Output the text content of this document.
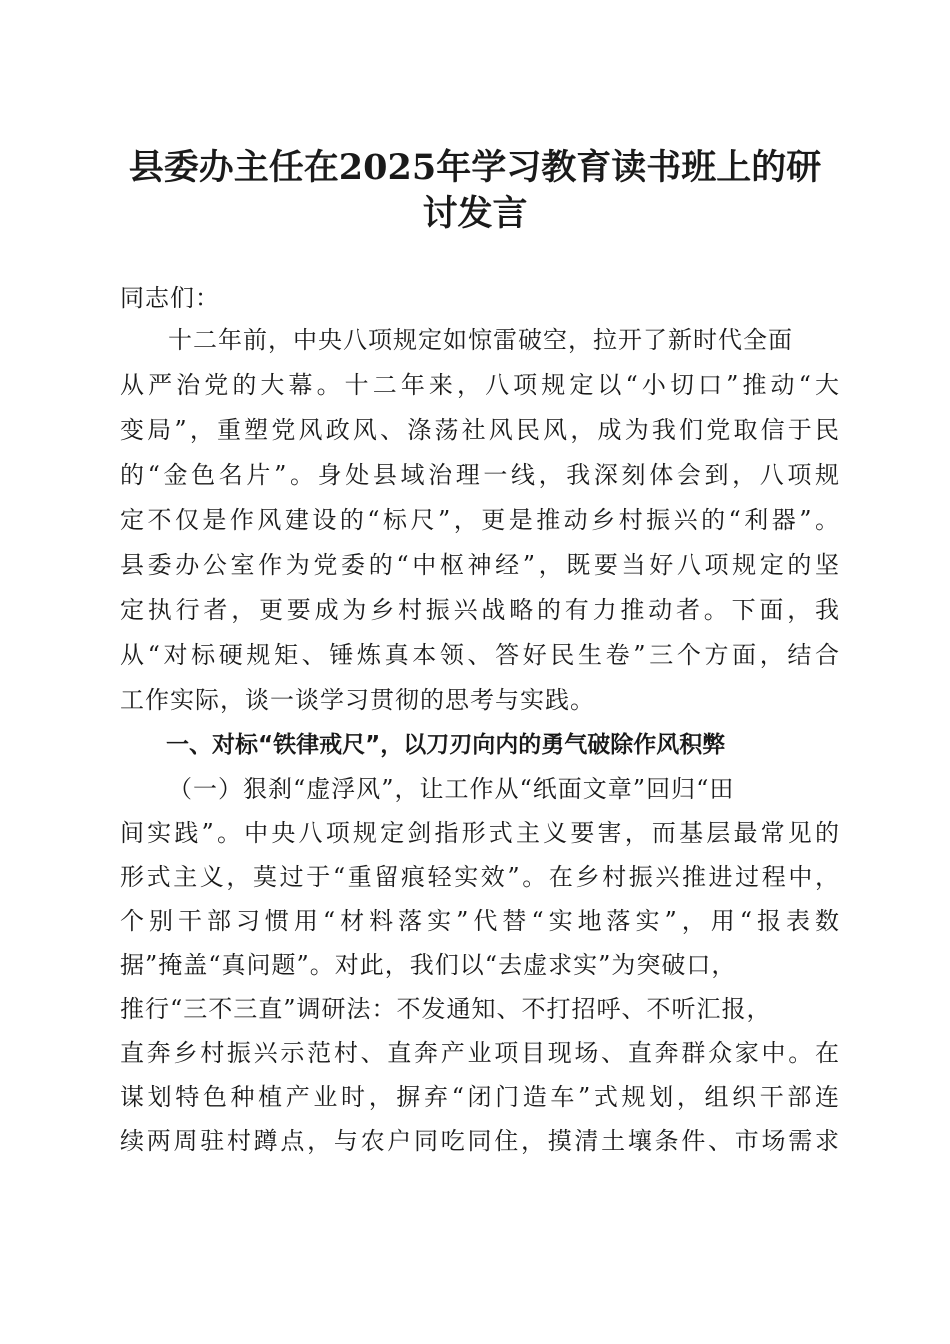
县委办主任在2025年学习教育读书班上的研
讨发言

同志们：

十二年前，中央八项规定如惊雷破空，拉开了新时代全面

从严治党的大幕。十二年来，八项规定以“小切口”推动“大

变局”，重塑党风政风、涤荡社风民风，成为我们党取信于民

的“金色名片”。身处县域治理一线，我深刻体会到，八项规

定不仅是作风建设的“标尺”，更是推动乡村振兴的“利器”。

县委办公室作为党委的“中枢神经”，既要当好八项规定的坚

定执行者，更要成为乡村振兴战略的有力推动者。下面，我

从“对标硬规矩、锤炼真本领、答好民生卷”三个方面，结合

工作实际，谈一谈学习贯彻的思考与实践。

一、对标“铁律戒尺”，以刀刃向内的勇气破除作风积弊

（一）狠刹“虚浮风”，让工作从“纸面文章”回归“田

间实践”。中央八项规定剑指形式主义要害，而基层最常见的

形式主义，莫过于“重留痕轻实效”。在乡村振兴推进过程中，

个别干部习惯用“材料落实”代替“实地落实”，用“报表数

据”掩盖“真问题”。对此，我们以“去虚求实”为突破口，

推行“三不三直”调研法：不发通知、不打招呼、不听汇报，

直奔乡村振兴示范村、直奔产业项目现场、直奔群众家中。在

谋划特色种植产业时，摒弃“闭门造车”式规划，组织干部连

续两周驻村蹲点，与农户同吃同住，摸清土壤条件、市场需求
